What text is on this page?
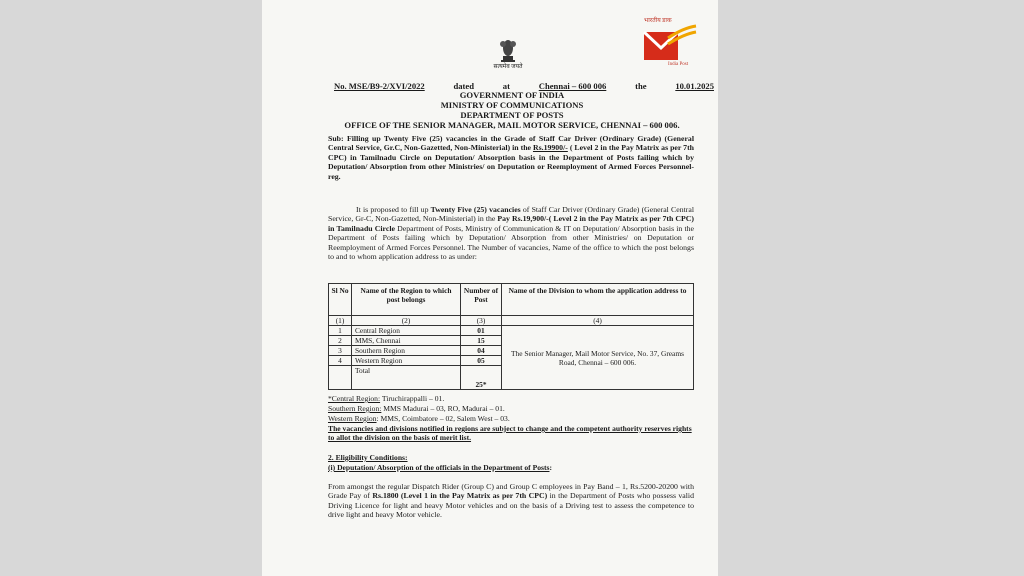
सत्यमेव जयते
भारतीय डाक
India Post
No. MSE/B9-2/XVI/2022	dated	at	Chennai – 600 006	the	10.01.2025
GOVERNMENT OF INDIA
MINISTRY OF COMMUNICATIONS
DEPARTMENT OF POSTS
OFFICE OF THE SENIOR MANAGER, MAIL MOTOR SERVICE, CHENNAI – 600 006.
Sub: Filling up Twenty Five (25) vacancies in the Grade of Staff Car Driver (Ordinary Grade) (General Central Service, Gr.C, Non-Gazetted, Non-Ministerial) in the Rs.19900/- ( Level 2 in the Pay Matrix as per 7th CPC) in Tamilnadu Circle on Deputation/ Absorption basis in the Department of Posts failing which by Deputation/ Absorption from other Ministries/ on Deputation or Reemployment of Armed Forces Personnel- reg.
It is proposed to fill up Twenty Five (25) vacancies of Staff Car Driver (Ordinary Grade) (General Central Service, Gr-C, Non-Gazetted, Non-Ministerial) in the Pay Rs.19,900/-( Level 2 in the Pay Matrix as per 7th CPC) in Tamilnadu Circle Department of Posts, Ministry of Communication & IT on Deputation/ Absorption basis in the Department of Posts failing which by Deputation/ Absorption from other Ministries/ on Deputation or Reemployment of Armed Forces Personnel. The Number of vacancies, Name of the office to which the post belongs to and to whom application address to as under:
Sl No	Name of the Region to which post belongs	Number of Post	Name of the Division to whom the application address to
(1)	(2)	(3)	(4)
1	Central Region	01	The Senior Manager, Mail Motor Service, No. 37, Greams Road, Chennai – 600 006.
2	MMS, Chennai	15	
3	Southern Region	04	
4	Western Region	05	
	Total	25*	
*Central Region: Tiruchirappalli – 01.
Southern Region: MMS Madurai – 03, RO, Madurai – 01.
Western Region: MMS, Coimbatore – 02, Salem West – 03.
The vacancies and divisions notified in regions are subject to change and the competent authority reserves rights to allot the division on the basis of merit list.
2. Eligibility Conditions:
(i) Deputation/ Absorption of the officials in the Department of Posts:
From amongst the regular Dispatch Rider (Group C) and Group C employees in Pay Band – 1, Rs.5200-20200 with Grade Pay of Rs.1800 (Level 1 in the Pay Matrix as per 7th CPC) in the Department of Posts who possess valid Driving Licence for light and heavy Motor vehicles and on the basis of a Driving test to assess the competence to drive light and heavy Motor vehicle.
